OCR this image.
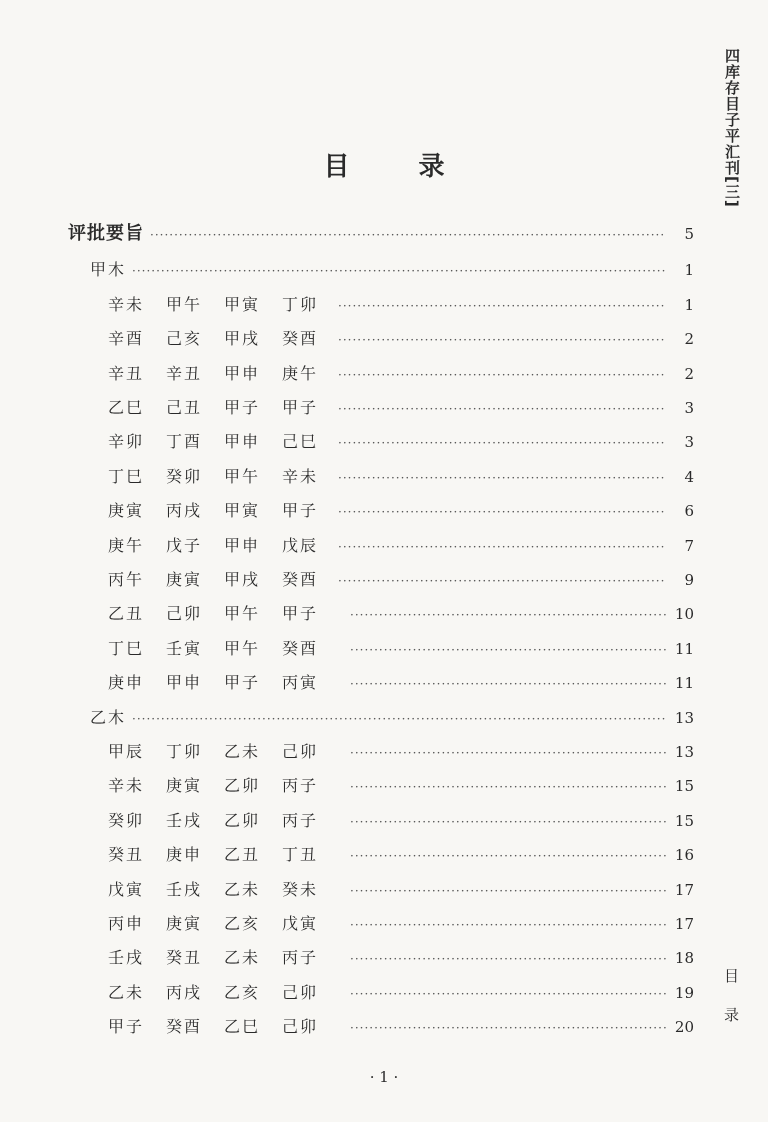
四库存目子平汇刊[三]
目 录
评批要旨 ·····	5
甲木 ·····	1
辛未	甲午	甲寅	丁卯 ·····	1
辛酉	己亥	甲戌	癸酉 ·····	2
辛丑	辛丑	甲申	庚午 ·····	2
乙巳	己丑	甲子	甲子 ·····	3
辛卯	丁酉	甲申	己巳 ·····	3
丁巳	癸卯	甲午	辛未 ·····	4
庚寅	丙戌	甲寅	甲子 ·····	6
庚午	戊子	甲申	戊辰 ·····	7
丙午	庚寅	甲戌	癸酉 ·····	9
乙丑	己卯	甲午	甲子 ·····	10
丁巳	壬寅	甲午	癸酉 ·····	11
庚申	甲申	甲子	丙寅 ·····	11
乙木 ·····	13
甲辰	丁卯	乙未	己卯 ·····	13
辛未	庚寅	乙卯	丙子 ·····	15
癸卯	壬戌	乙卯	丙子 ·····	15
癸丑	庚申	乙丑	丁丑 ·····	16
戊寅	壬戌	乙未	癸未 ·····	17
丙申	庚寅	乙亥	戊寅 ·····	17
壬戌	癸丑	乙未	丙子 ·····	18
乙未	丙戌	乙亥	己卯 ·····	19
甲子	癸酉	乙巳	己卯 ·····	20 目录
· 1 ·
